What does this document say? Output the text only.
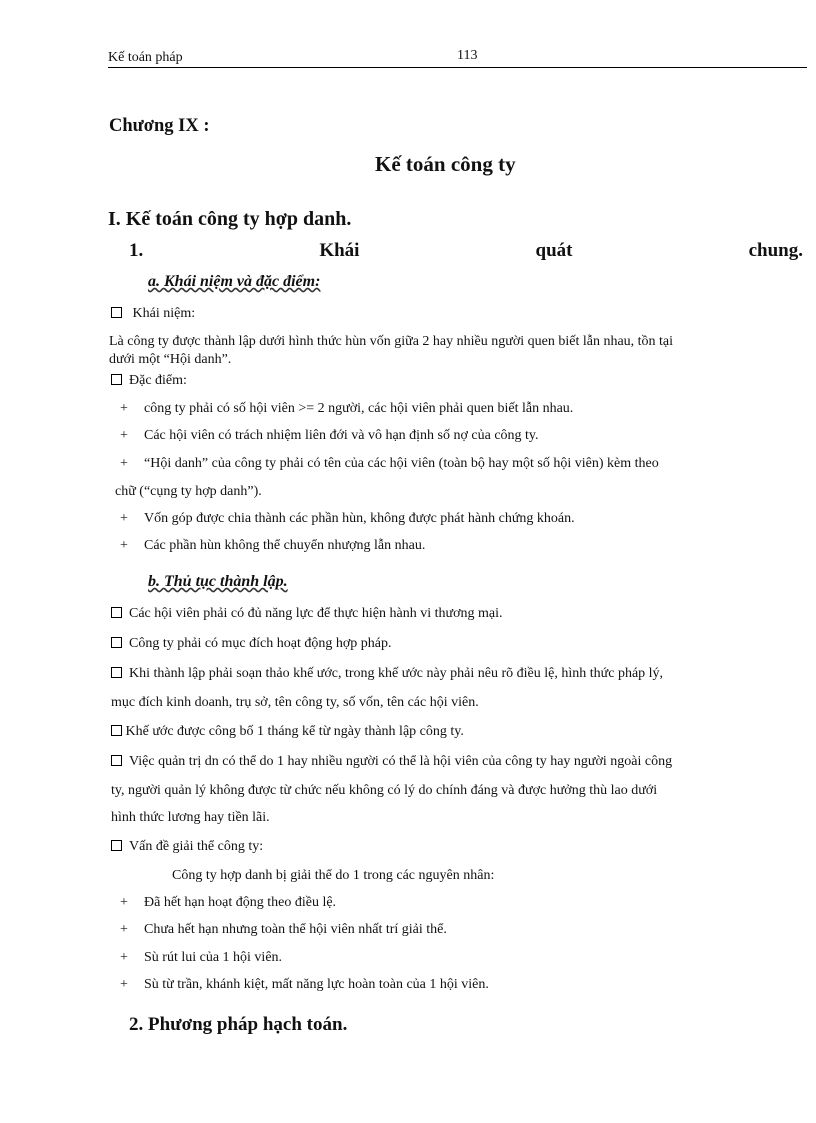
Kế toán pháp	113
Chương IX :
Kế toán công ty
I. Kế toán công ty hợp danh.
1.	Khái	quát	chung.
a. Khái niệm và đặc điểm:
Khái niệm:
Là công ty được thành lập dưới hình thức hùn vốn giữa 2 hay nhiều người quen biết lẫn nhau, tồn tại
dưới một “Hội danh”.
Đặc điểm:
+ công ty phải có số hội viên >= 2 người, các hội viên phải quen biết lẫn nhau.
+ Các hội viên có trách nhiệm liên đới và vô hạn định số nợ của công ty.
+ “Hội danh” của công ty phải có tên của các hội viên (toàn bộ hay một số hội viên) kèm theo
chữ (“cụng ty hợp danh”).
+ Vốn góp được chia thành các phần hùn, không được phát hành chứng khoán.
+ Các phần hùn không thể chuyển nhượng lẫn nhau.
b. Thủ tục thành lập.
Các hội viên phải có đủ năng lực để thực hiện hành vi thương mại.
Công ty phải có mục đích hoạt động hợp pháp.
Khi thành lập phải soạn thảo khế ước, trong khế ước này phải nêu rõ điều lệ, hình thức pháp lý,
mục đích kinh doanh, trụ sở, tên công ty, số vốn, tên các hội viên.
Khế ước được công bố 1 tháng kể từ ngày thành lập công ty.
Việc quản trị dn có thể do 1 hay nhiều người có thể là hội viên của công ty hay người ngoài công
ty, người quản lý không được từ chức nếu không có lý do chính đáng và được hưởng thù lao dưới
hình thức lương hay tiền lãi.
Vấn đề giải thể công ty:
Công ty hợp danh bị giải thể do 1 trong các nguyên nhân:
+ Đã hết hạn hoạt động theo điều lệ.
+ Chưa hết hạn nhưng toàn thể hội viên nhất trí giải thể.
+ Sù rút lui của 1 hội viên.
+ Sù từ trần, khánh kiệt, mất năng lực hoàn toàn của 1 hội viên.
2. Phương pháp hạch toán.
